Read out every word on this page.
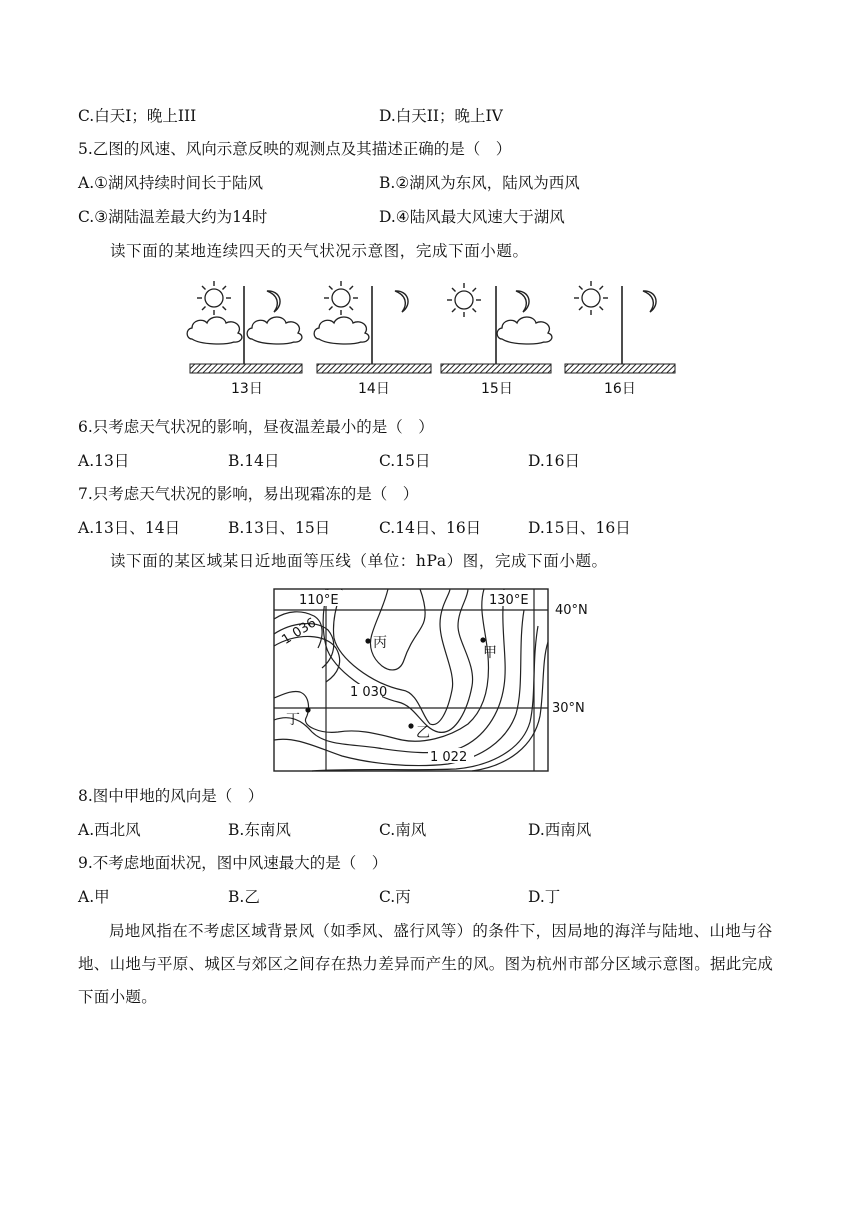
C.白天I；晚上III	D.白天II；晚上IV
5.乙图的风速、风向示意反映的观测点及其描述正确的是（　）
A.①湖风持续时间长于陆风	B.②湖风为东风，陆风为西风
C.③湖陆温差最大约为14时	D.④陆风最大风速大于湖风
读下面的某地连续四天的天气状况示意图，完成下面小题。
13日	14日	15日	16日
6.只考虑天气状况的影响，昼夜温差最小的是（　）
A.13日	B.14日	C.15日	D.16日
7.只考虑天气状况的影响，易出现霜冻的是（　）
A.13日、14日	B.13日、15日	C.14日、16日	D.15日、16日
读下面的某区域某日近地面等压线（单位：hPa）图，完成下面小题。
110°E	130°E
40°N
30°N
1 036
1 030
1 022
甲
乙
丙
丁
8.图中甲地的风向是（　）
A.西北风	B.东南风	C.南风	D.西南风
9.不考虑地面状况，图中风速最大的是（　）
A.甲	B.乙	C.丙	D.丁
局地风指在不考虑区域背景风（如季风、盛行风等）的条件下，因局地的海洋与陆地、山地与谷地、山地与平原、城区与郊区之间存在热力差异而产生的风。图为杭州市部分区域示意图。据此完成下面小题。
